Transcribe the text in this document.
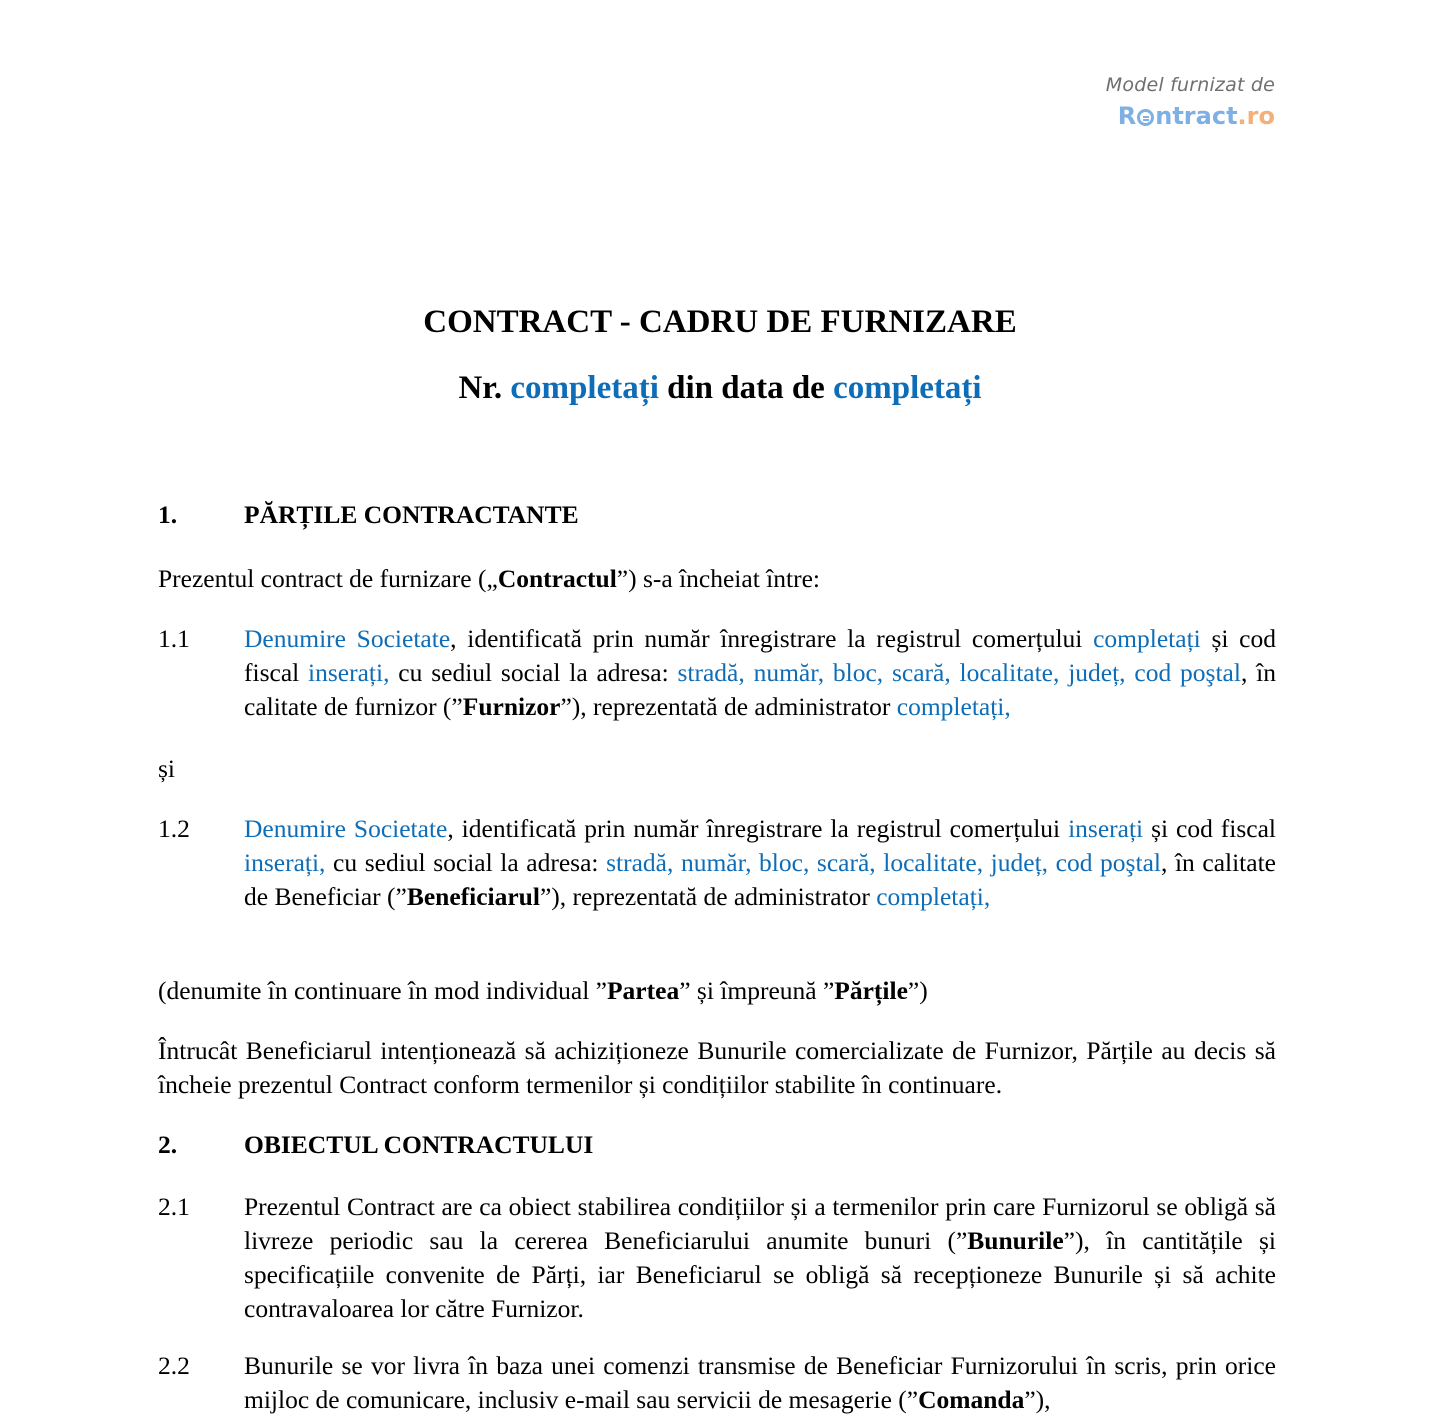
Model furnizat de
R ntract.ro
CONTRACT - CADRU DE FURNIZARE
Nr. completați din data de completați
1.	PĂRȚILE CONTRACTANTE
Prezentul contract de furnizare („Contractul”) s-a încheiat între:
1.1 Denumire Societate, identificată prin număr înregistrare la registrul comerțului completați și cod fiscal inserați, cu sediul social la adresa: stradă, număr, bloc, scară, localitate, județ, cod poştal, în calitate de furnizor (”Furnizor”), reprezentată de administrator completați,
și
1.2 Denumire Societate, identificată prin număr înregistrare la registrul comerțului inserați și cod fiscal inserați, cu sediul social la adresa: stradă, număr, bloc, scară, localitate, județ, cod poştal, în calitate de Beneficiar (”Beneficiarul”), reprezentată de administrator completați,
(denumite în continuare în mod individual ”Partea” și împreună ”Părțile”)
Întrucât Beneficiarul intenționează să achiziționeze Bunurile comercializate de Furnizor, Părțile au decis să încheie prezentul Contract conform termenilor și condițiilor stabilite în continuare.
2.	OBIECTUL CONTRACTULUI
2.1 Prezentul Contract are ca obiect stabilirea condițiilor și a termenilor prin care Furnizorul se obligă să livreze periodic sau la cererea Beneficiarului anumite bunuri (”Bunurile”), în cantitățile și specificațiile convenite de Părți, iar Beneficiarul se obligă să recepționeze Bunurile și să achite contravaloarea lor către Furnizor.
2.2 Bunurile se vor livra în baza unei comenzi transmise de Beneficiar Furnizorului în scris, prin orice mijloc de comunicare, inclusiv e-mail sau servicii de mesagerie (”Comanda”),
